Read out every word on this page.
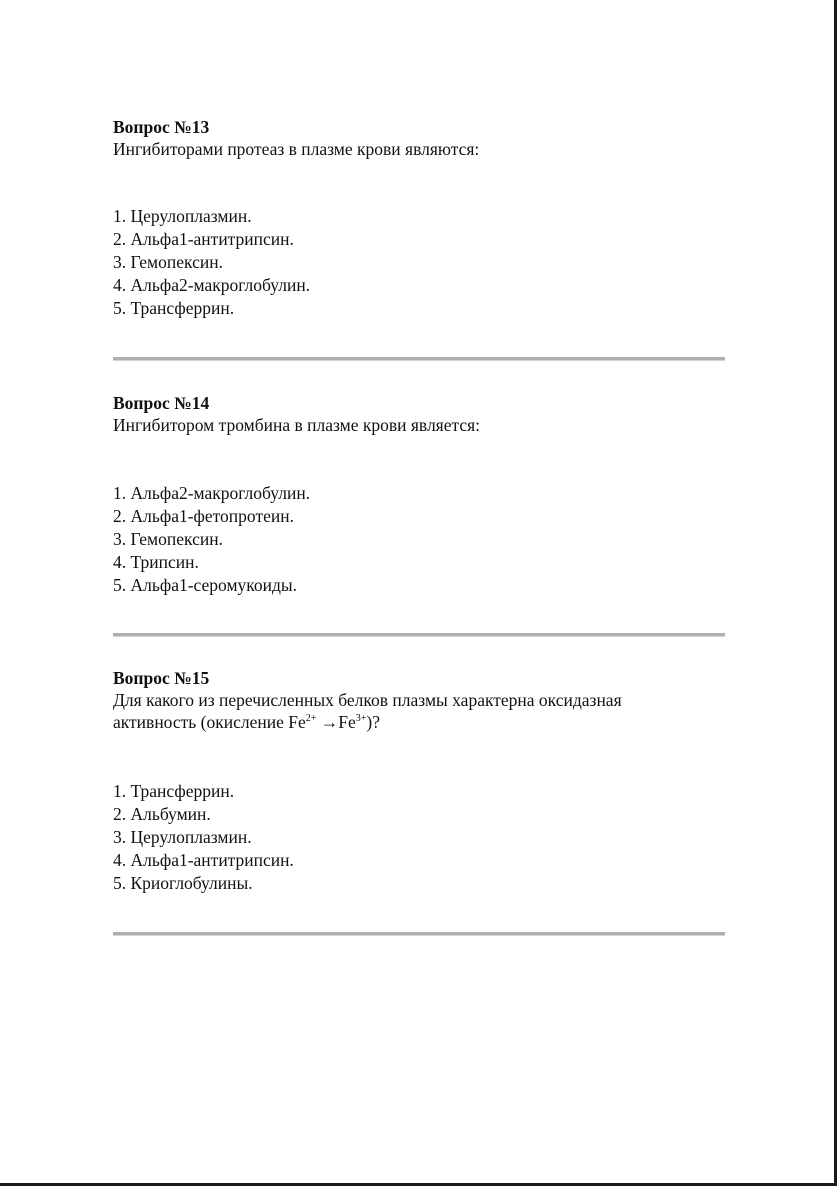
Вопрос №13

Ингибиторами протеаз в плазме крови являются:

1. Церулоплазмин.
2. Альфа1-антитрипсин.
3. Гемопексин.
4. Альфа2-макроглобулин.
5. Трансферрин.

Вопрос №14

Ингибитором тромбина в плазме крови является:

1. Альфа2-макроглобулин.
2. Альфа1-фетопротеин.
3. Гемопексин.
4. Трипсин.
5. Альфа1-серомукоиды.

Вопрос №15

Для какого из перечисленных белков плазмы характерна оксидазная
активность (окисление $Fe^{2+} \to Fe^{3+}$)?

1. Трансферрин.
2. Альбумин.
3. Церулоплазмин.
4. Альфа1-антитрипсин.
5. Криоглобулины.
